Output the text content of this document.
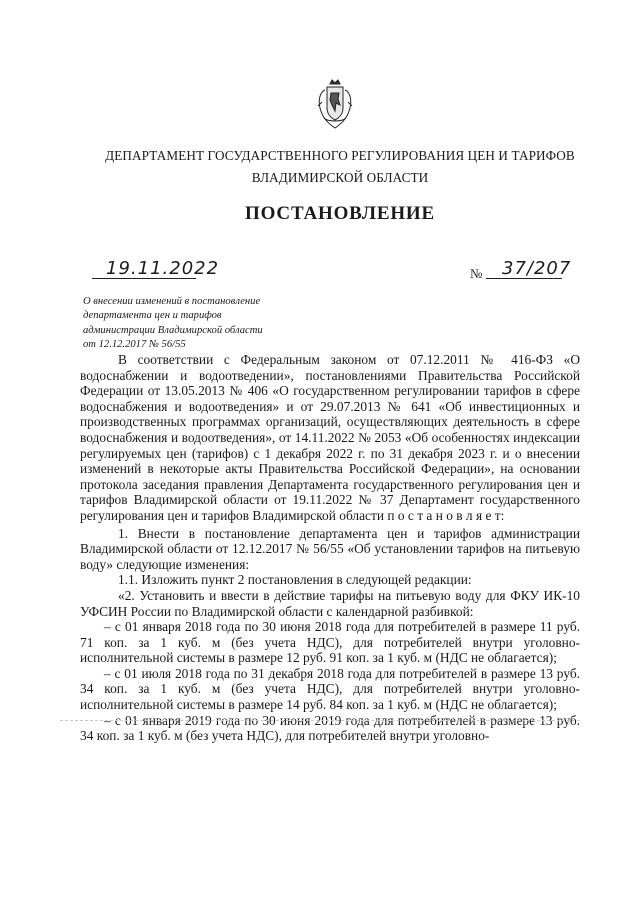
ДЕПАРТАМЕНТ ГОСУДАРСТВЕННОГО РЕГУЛИРОВАНИЯ ЦЕН И ТАРИФОВ
ВЛАДИМИРСКОЙ ОБЛАСТИ
ПОСТАНОВЛЕНИЕ
19.11.2022	№ 37/207
О внесении изменений в постановление
департамента цен и тарифов
администрации Владимирской области
от 12.12.2017 № 56/55

В соответствии с Федеральным законом от 07.12.2011 № 416-ФЗ «О водоснабжении и водоотведении», постановлениями Правительства Российской Федерации от 13.05.2013 № 406 «О государственном регулировании тарифов в сфере водоснабжения и водоотведения» и от 29.07.2013 № 641 «Об инвестиционных и производственных программах организаций, осуществляющих деятельность в сфере водоснабжения и водоотведения», от 14.11.2022 № 2053 «Об особенностях индексации регулируемых цен (тарифов) с 1 декабря 2022 г. по 31 декабря 2023 г. и о внесении изменений в некоторые акты Правительства Российской Федерации», на основании протокола заседания правления Департамента государственного регулирования цен и тарифов Владимирской области от 19.11.2022 № 37 Департамент государственного регулирования цен и тарифов Владимирской области п о с т а н о в л я е т:

1. Внести в постановление департамента цен и тарифов администрации Владимирской области от 12.12.2017 № 56/55 «Об установлении тарифов на питьевую воду» следующие изменения:

1.1. Изложить пункт 2 постановления в следующей редакции:

«2. Установить и ввести в действие тарифы на питьевую воду для ФКУ ИК-10 УФСИН России по Владимирской области с календарной разбивкой:

– с 01 января 2018 года по 30 июня 2018 года для потребителей в размере 11 руб. 71 коп. за 1 куб. м (без учета НДС), для потребителей внутри уголовно-исполнительной системы в размере 12 руб. 91 коп. за 1 куб. м (НДС не облагается);

– с 01 июля 2018 года по 31 декабря 2018 года для потребителей в размере 13 руб. 34 коп. за 1 куб. м (без учета НДС), для потребителей внутри уголовно-исполнительной системы в размере 14 руб. 84 коп. за 1 куб. м (НДС не облагается);

– с 01 января 2019 года по 30 июня 2019 года для потребителей в размере 13 руб. 34 коп. за 1 куб. м (без учета НДС), для потребителей внутри уголовно-
